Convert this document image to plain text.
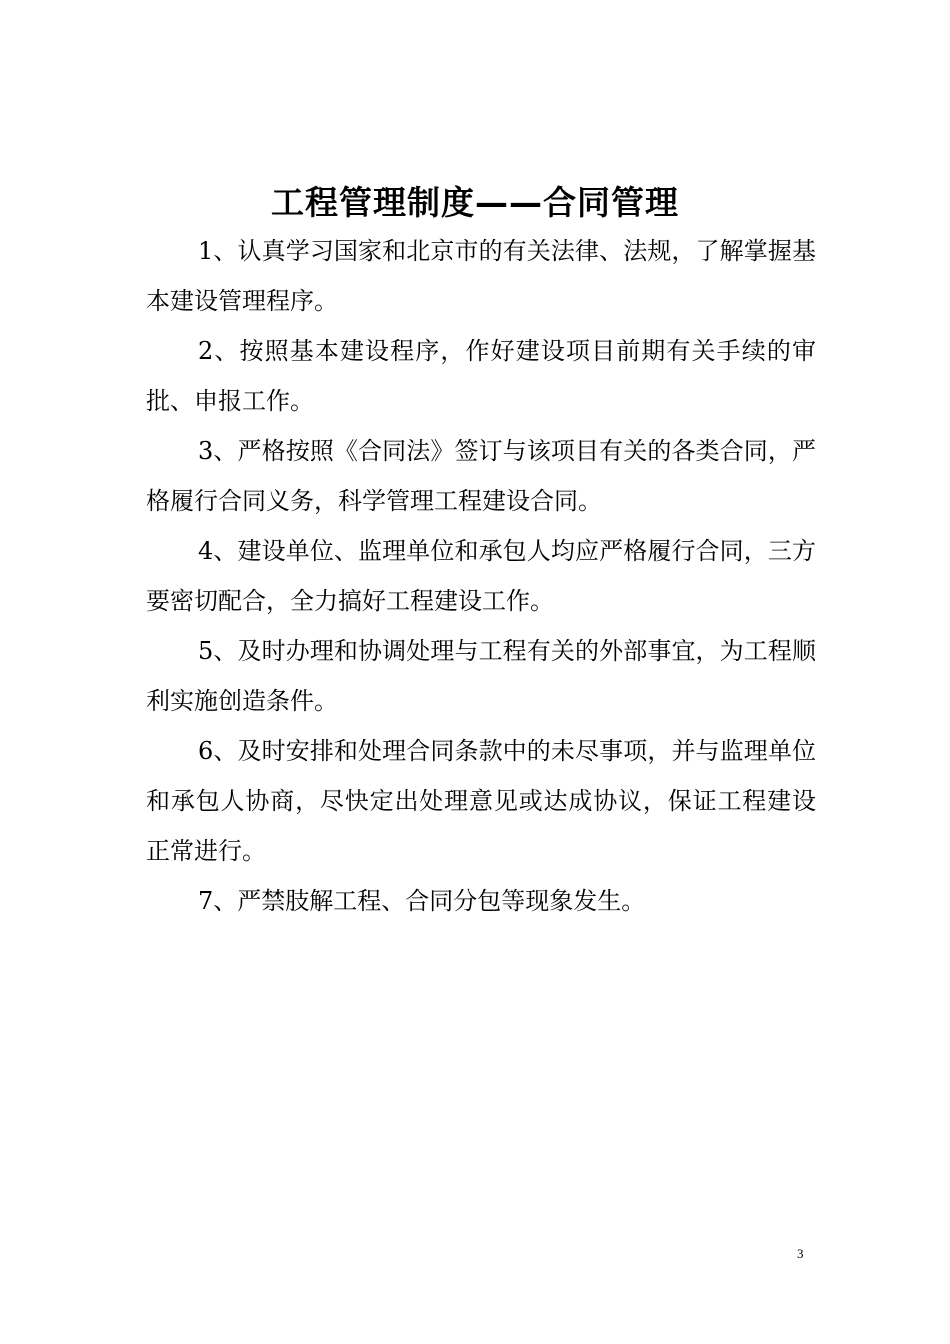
工程管理制度——合同管理

1、认真学习国家和北京市的有关法律、法规，了解掌握基本建设管理程序。

2、按照基本建设程序，作好建设项目前期有关手续的审批、申报工作。

3、严格按照《合同法》签订与该项目有关的各类合同，严格履行合同义务，科学管理工程建设合同。

4、建设单位、监理单位和承包人均应严格履行合同，三方要密切配合，全力搞好工程建设工作。

5、及时办理和协调处理与工程有关的外部事宜，为工程顺利实施创造条件。

6、及时安排和处理合同条款中的未尽事项，并与监理单位和承包人协商，尽快定出处理意见或达成协议，保证工程建设正常进行。

7、严禁肢解工程、合同分包等现象发生。

3
